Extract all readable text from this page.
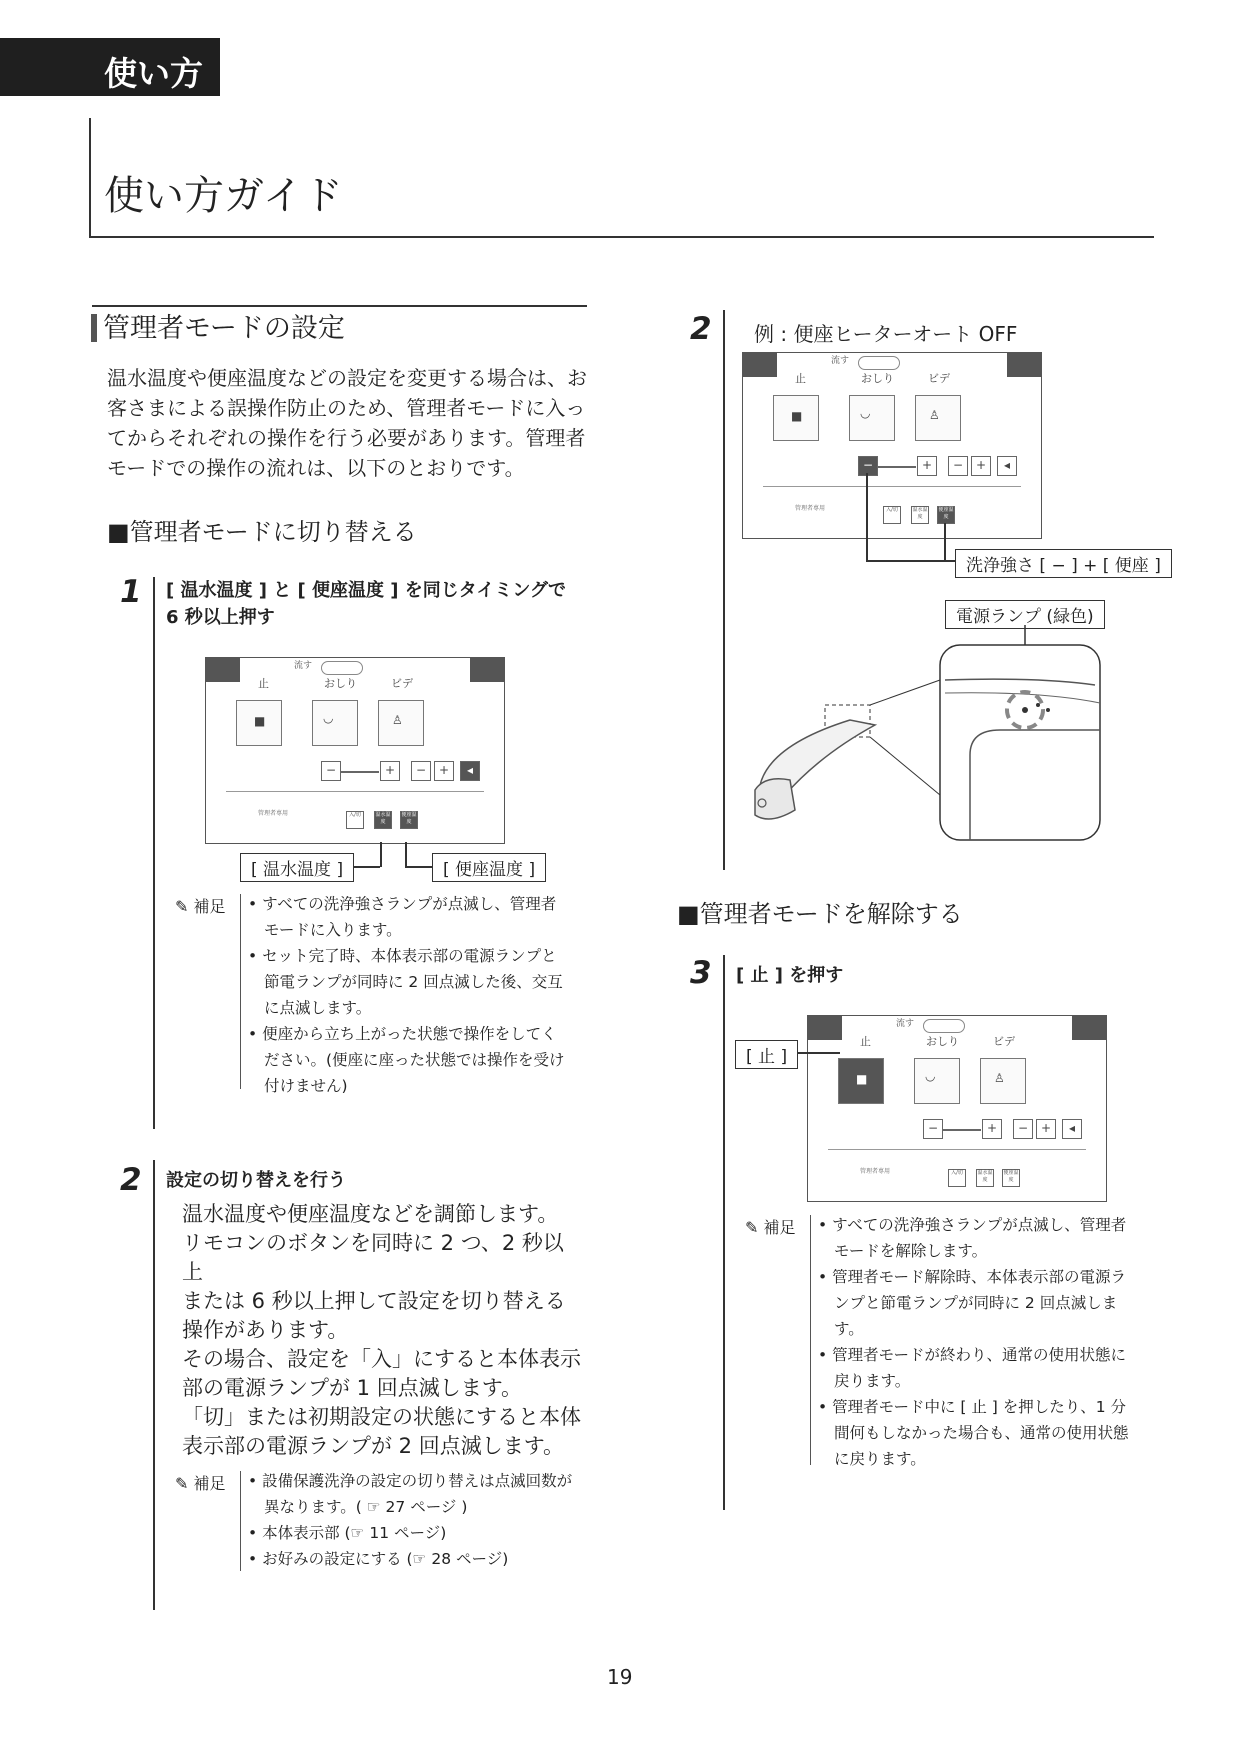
使い方
使い方ガイド
管理者モードの設定
温水温度や便座温度などの設定を変更する場合は、お客さまによる誤操作防止のため、管理者モードに入ってからそれぞれの操作を行う必要があります。管理者モードでの操作の流れは、以下のとおりです。
■管理者モードに切り替える
1 [ 温水温度 ] と [ 便座温度 ] を同じタイミングで 6 秒以上押す
流す
止	おしり	ビデ
■	◡	♙
−	+	−	+	◂
管理者専用	入/切	温水温度
便座温度
[ 温水温度 ]	[ 便座温度 ]
✎ 補足 • すべての洗浄強さランプが点滅し、管理者モードに入ります。
• セット完了時、本体表示部の電源ランプと節電ランプが同時に 2 回点滅した後、交互に点滅します。
• 便座から立ち上がった状態で操作をしてください。(便座に座った状態では操作を受け付けません)
2 設定の切り替えを行う
温水温度や便座温度などを調節します。
リモコンのボタンを同時に 2 つ、2 秒以上
または 6 秒以上押して設定を切り替える
操作があります。
その場合、設定を「入」にすると本体表示
部の電源ランプが 1 回点滅します。
「切」または初期設定の状態にすると本体
表示部の電源ランプが 2 回点滅します。
✎ 補足 • 設備保護洗浄の設定の切り替えは点滅回数が異なります。( ☞ 27 ページ )
• 本体表示部 (☞ 11 ページ)
• お好みの設定にする (☞ 28 ページ)
2 例 : 便座ヒーターオート OFF
流す
止	おしり	ビデ
■	◡	♙
−	+	−	+	◂
管理者専用	入/切	温水温度
便座温度
洗浄強さ [ − ] + [ 便座 ]
電源ランプ (緑色)
■管理者モードを解除する
3 [ 止 ] を押す
流す
止	おしり	ビデ
■	◡	♙
−	+	−	+	◂
管理者専用	入/切	温水温度
便座温度
[ 止 ]
✎ 補足 • すべての洗浄強さランプが点滅し、管理者モードを解除します。
• 管理者モード解除時、本体表示部の電源ランプと節電ランプが同時に 2 回点滅します。
• 管理者モードが終わり、通常の使用状態に戻ります。
• 管理者モード中に [ 止 ] を押したり、1 分間何もしなかった場合も、通常の使用状態に戻ります。
19
